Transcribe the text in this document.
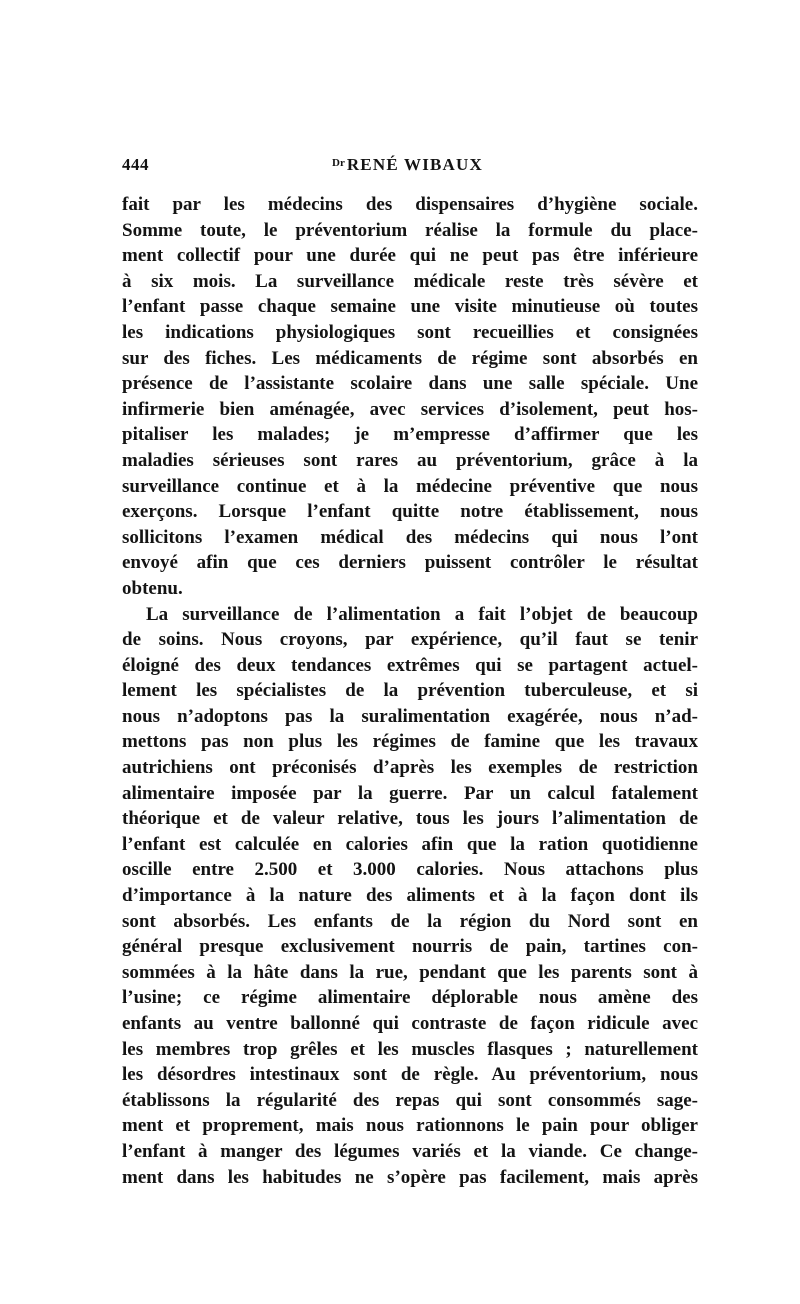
444	$^{Dr}$ RENÉ WIBAUX
fait par les médecins des dispensaires d’hygiène sociale.
Somme toute, le préventorium réalise la formule du place-
ment collectif pour une durée qui ne peut pas être inférieure
à six mois. La surveillance médicale reste très sévère et
l’enfant passe chaque semaine une visite minutieuse où toutes
les indications physiologiques sont recueillies et consignées
sur des fiches. Les médicaments de régime sont absorbés en
présence de l’assistante scolaire dans une salle spéciale. Une
infirmerie bien aménagée, avec services d’isolement, peut hos-
pitaliser les malades; je m’empresse d’affirmer que les
maladies sérieuses sont rares au préventorium, grâce à la
surveillance continue et à la médecine préventive que nous
exerçons. Lorsque l’enfant quitte notre établissement, nous
sollicitons l’examen médical des médecins qui nous l’ont
envoyé afin que ces derniers puissent contrôler le résultat
obtenu.
La surveillance de l’alimentation a fait l’objet de beaucoup
de soins. Nous croyons, par expérience, qu’il faut se tenir
éloigné des deux tendances extrêmes qui se partagent actuel-
lement les spécialistes de la prévention tuberculeuse, et si
nous n’adoptons pas la suralimentation exagérée, nous n’ad-
mettons pas non plus les régimes de famine que les travaux
autrichiens ont préconisés d’après les exemples de restriction
alimentaire imposée par la guerre. Par un calcul fatalement
théorique et de valeur relative, tous les jours l’alimentation de
l’enfant est calculée en calories afin que la ration quotidienne
oscille entre 2.500 et 3.000 calories. Nous attachons plus
d’importance à la nature des aliments et à la façon dont ils
sont absorbés. Les enfants de la région du Nord sont en
général presque exclusivement nourris de pain, tartines con-
sommées à la hâte dans la rue, pendant que les parents sont à
l’usine; ce régime alimentaire déplorable nous amène des
enfants au ventre ballonné qui contraste de façon ridicule avec
les membres trop grêles et les muscles flasques ; naturellement
les désordres intestinaux sont de règle. Au préventorium, nous
établissons la régularité des repas qui sont consommés sage-
ment et proprement, mais nous rationnons le pain pour obliger
l’enfant à manger des légumes variés et la viande. Ce change-
ment dans les habitudes ne s’opère pas facilement, mais après
